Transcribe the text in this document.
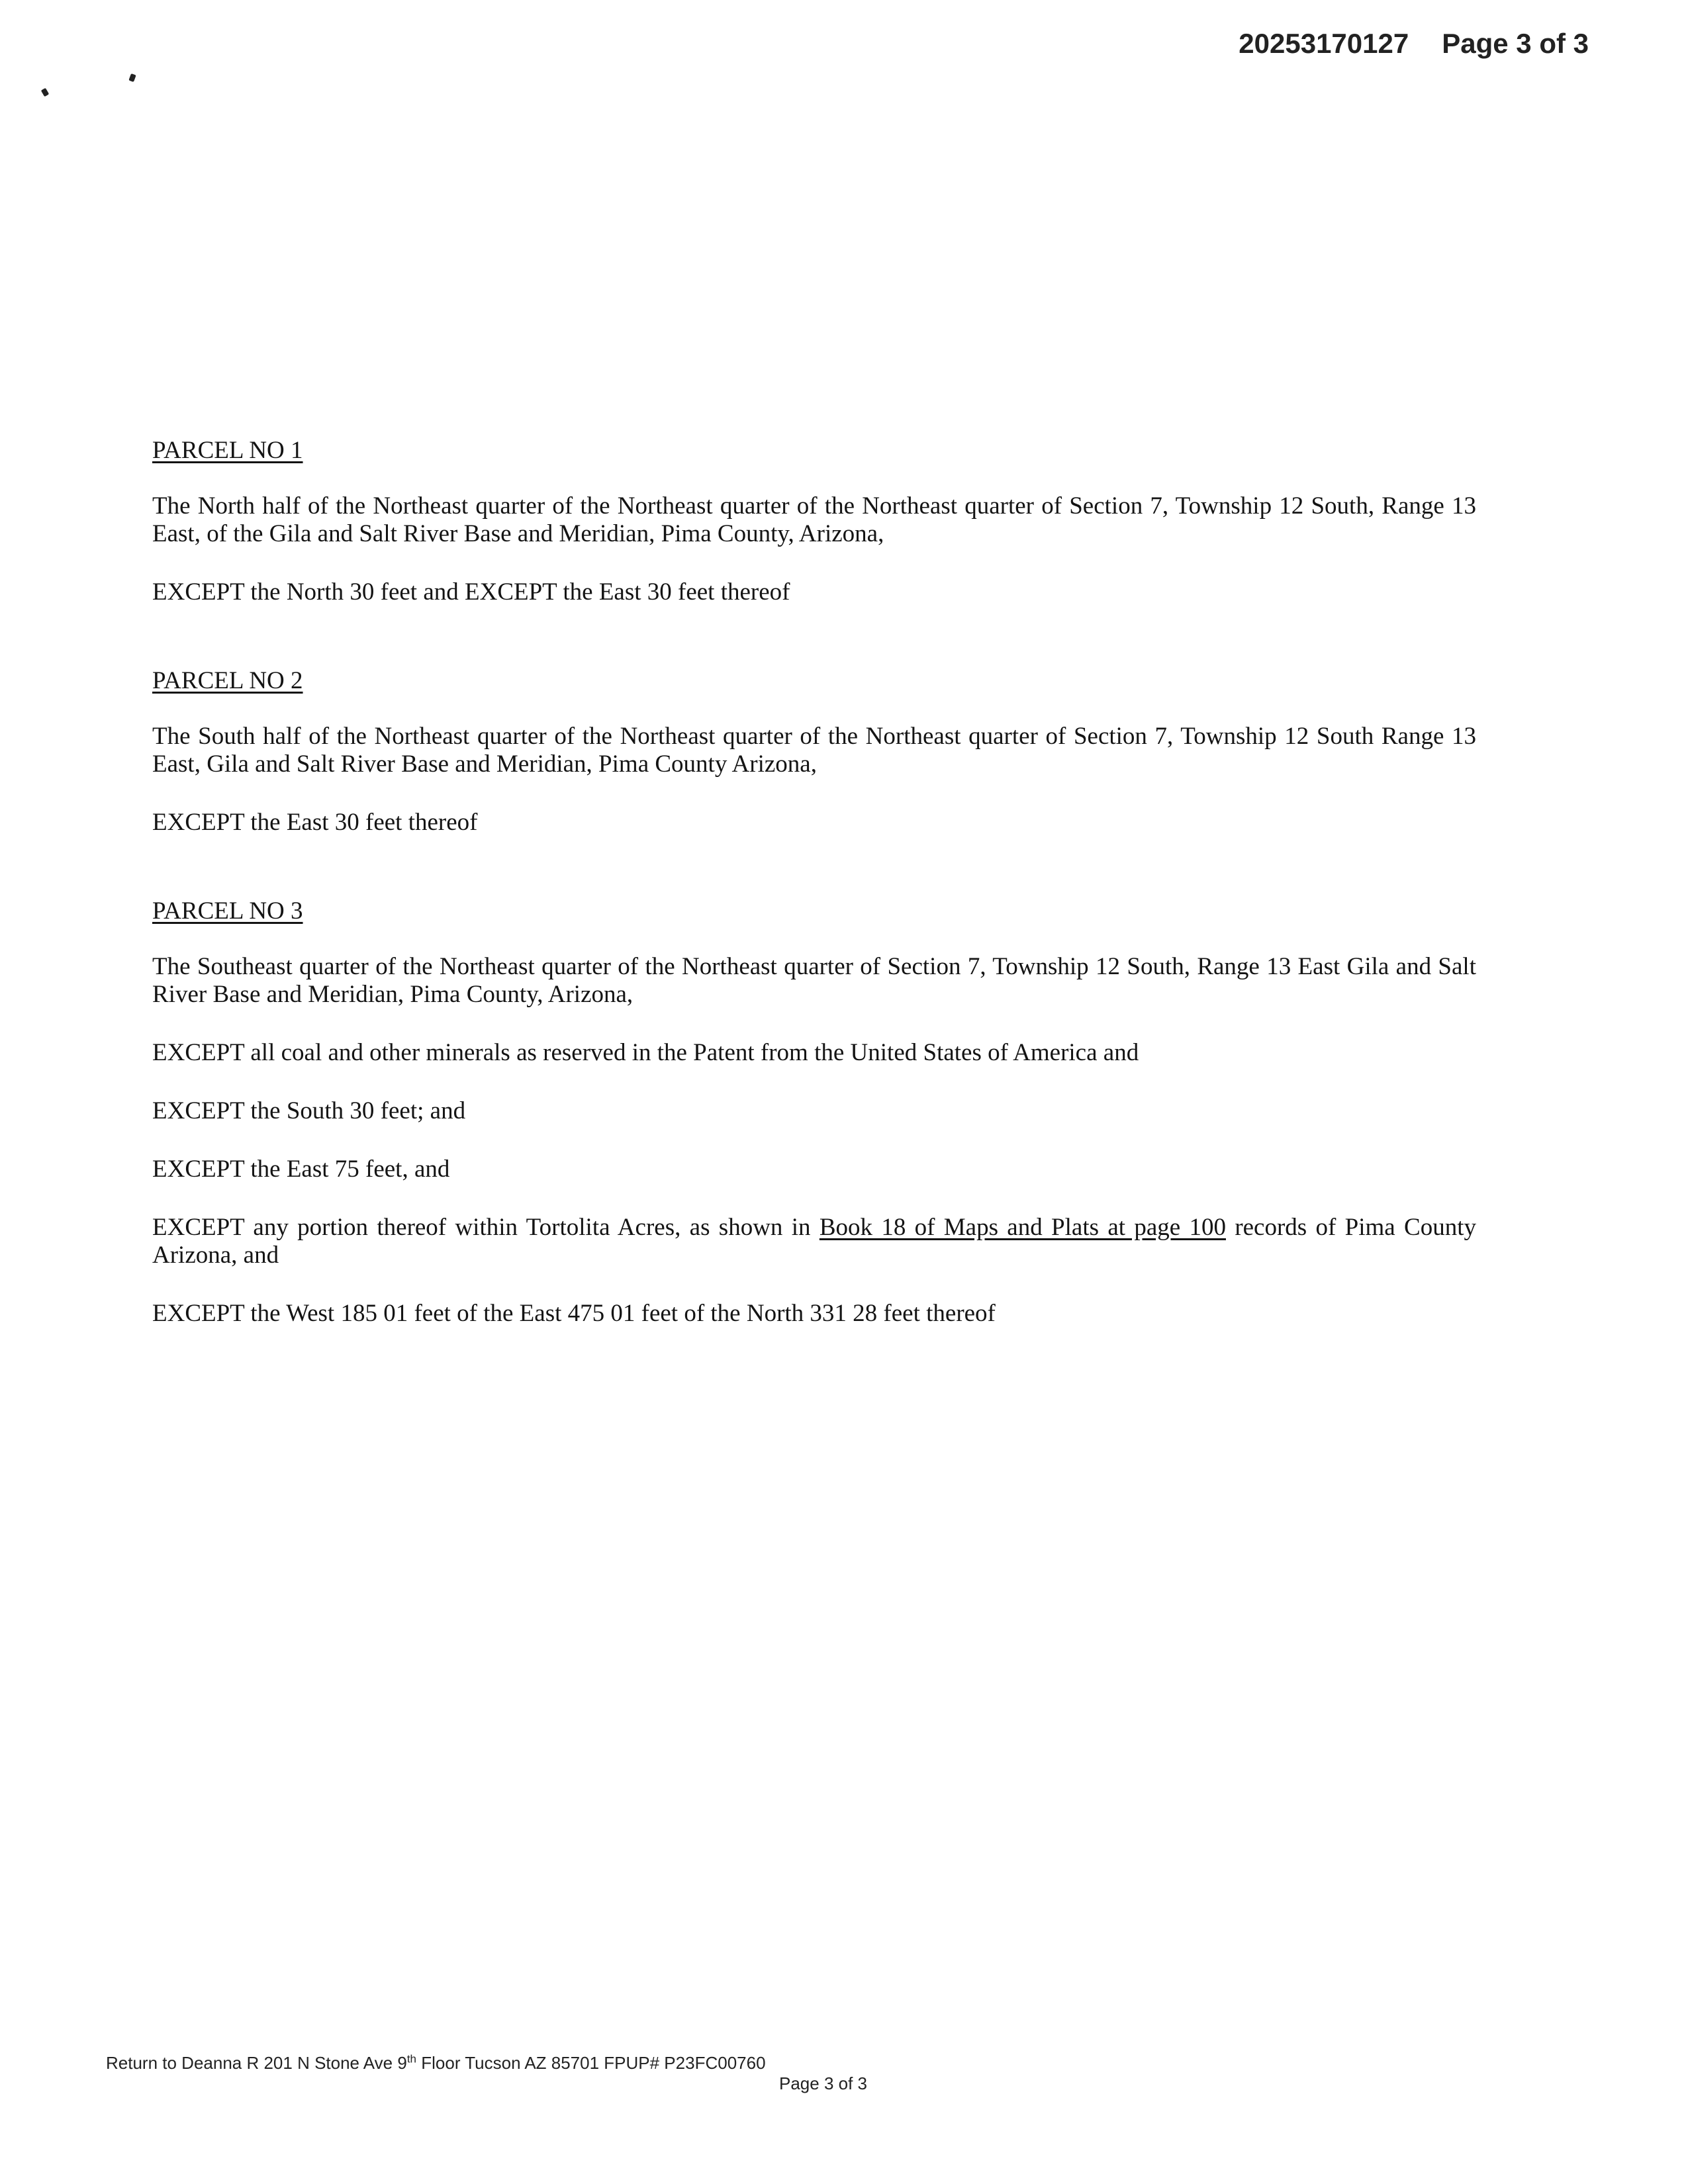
20253170127 Page 3 of 3
PARCEL NO 1

The North half of the Northeast quarter of the Northeast quarter of the Northeast quarter of Section 7, Township 12 South, Range 13 East, of the Gila and Salt River Base and Meridian, Pima County, Arizona,

EXCEPT the North 30 feet and EXCEPT the East 30 feet thereof

PARCEL NO 2

The South half of the Northeast quarter of the Northeast quarter of the Northeast quarter of Section 7, Township 12 South Range 13 East, Gila and Salt River Base and Meridian, Pima County Arizona,

EXCEPT the East 30 feet thereof

PARCEL NO 3

The Southeast quarter of the Northeast quarter of the Northeast quarter of Section 7, Township 12 South, Range 13 East Gila and Salt River Base and Meridian, Pima County, Arizona,

EXCEPT all coal and other minerals as reserved in the Patent from the United States of America and

EXCEPT the South 30 feet; and

EXCEPT the East 75 feet, and

EXCEPT any portion thereof within Tortolita Acres, as shown in Book 18 of Maps and Plats at page 100 records of Pima County Arizona, and

EXCEPT the West 185 01 feet of the East 475 01 feet of the North 331 28 feet thereof

Return to Deanna R 201 N Stone Ave 9th Floor Tucson AZ 85701 FPUP# P23FC00760
Page 3 of 3
